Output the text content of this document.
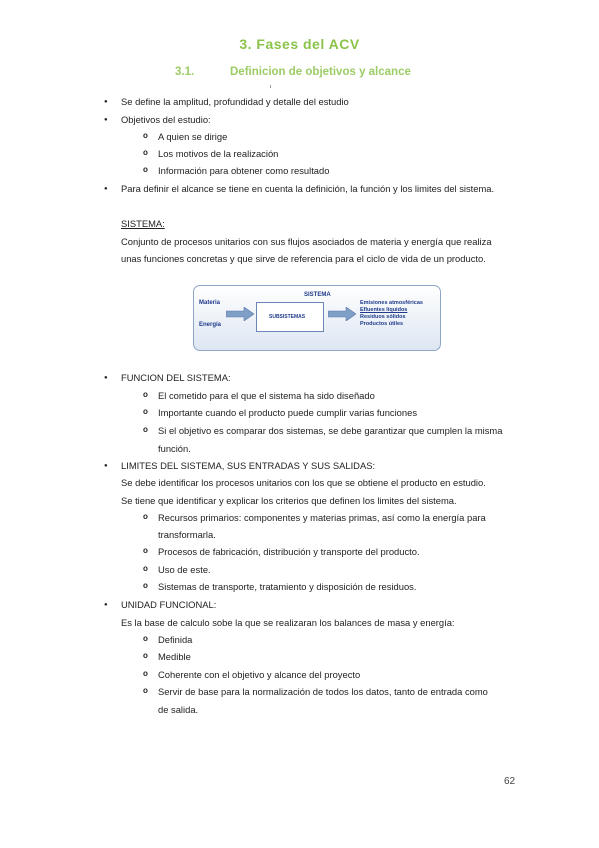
3. Fases del ACV
3.1.	Definicion de objetivos y alcance
● Se define la amplitud, profundidad y detalle del estudio
● Objetivos del estudio:
o A quien se dirige
o Los motivos de la realización
o Información para obtener como resultado
● Para definir el alcance se tiene en cuenta la definición, la función y los limites del sistema.
SISTEMA:
Conjunto de procesos unitarios con sus flujos asociados de materia y energía que realiza
unas funciones concretas y que sirve de referencia para el ciclo de vida de un producto.
SISTEMA
Materia
Energía
SUBSISTEMAS
Emisiones atmosféricas
Efluentes líquidos
Residuos sólidos
Productos útiles
● FUNCION DEL SISTEMA:
o El cometido para el que el sistema ha sido diseñado
o Importante cuando el producto puede cumplir varias funciones
o Si el objetivo es comparar dos sistemas, se debe garantizar que cumplen la misma
función.
● LIMITES DEL SISTEMA, SUS ENTRADAS Y SUS SALIDAS:
Se debe identificar los procesos unitarios con los que se obtiene el producto en estudio.
Se tiene que identificar y explicar los criterios que definen los limites del sistema.
o Recursos primarios: componentes y materias primas, así como la energía para
transformarla.
o Procesos de fabricación, distribución y transporte del producto.
o Uso de este.
o Sistemas de transporte, tratamiento y disposición de residuos.
● UNIDAD FUNCIONAL:
Es la base de calculo sobe la que se realizaran los balances de masa y energía:
o Definida
o Medible
o Coherente con el objetivo y alcance del proyecto
o Servir de base para la normalización de todos los datos, tanto de entrada como
de salida.
62
